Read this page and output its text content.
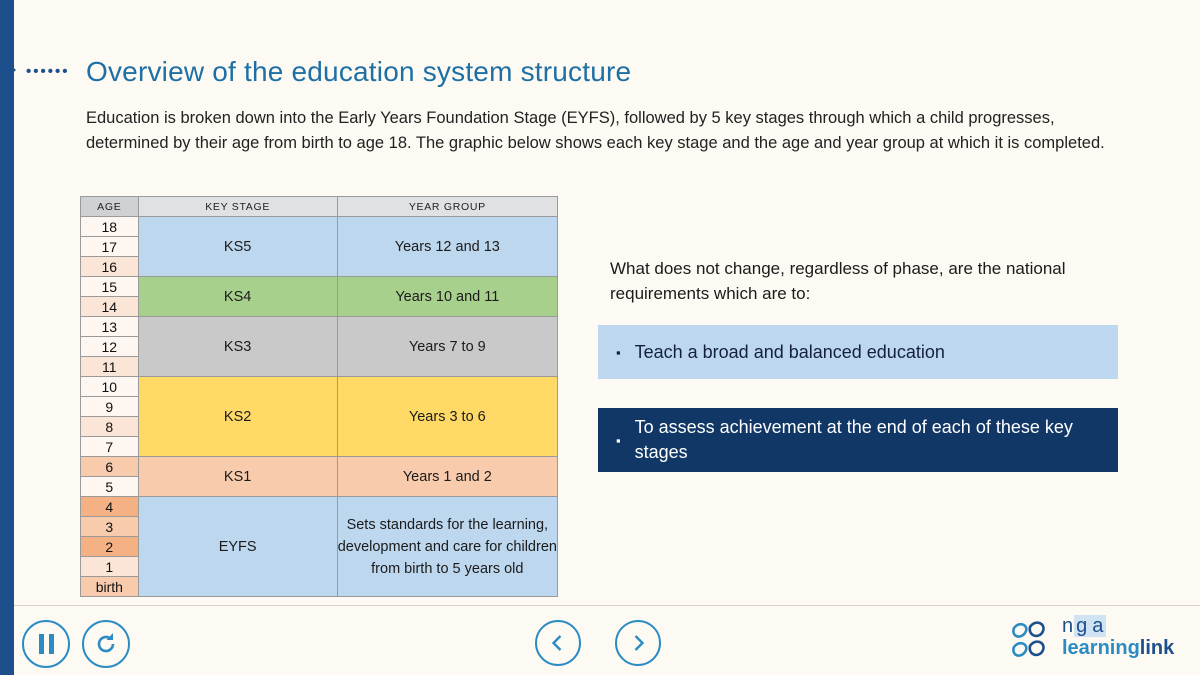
•••••• Overview of the education system structure
Education is broken down into the Early Years Foundation Stage (EYFS), followed by 5 key stages through which a child progresses, determined by their age from birth to age 18. The graphic below shows each key stage and the age and year group at which it is completed.
AGE	KEY STAGE	YEAR GROUP
18	KS5	Years 12 and 13
17		
16		
15	KS4	Years 10 and 11
14		
13	KS3	Years 7 to 9
12		
11		
10	KS2	Years 3 to 6
9		
8		
7		
6	KS1	Years 1 and 2
5		
4	EYFS	Sets standards for the learning, development and care for children from birth to 5 years old
3		
2		
1		
birth		
What does not change, regardless of phase, are the national requirements which are to:
▪ Teach a broad and balanced education
▪
To assess achievement at the end of each of these key stages
n g a
learninglink
